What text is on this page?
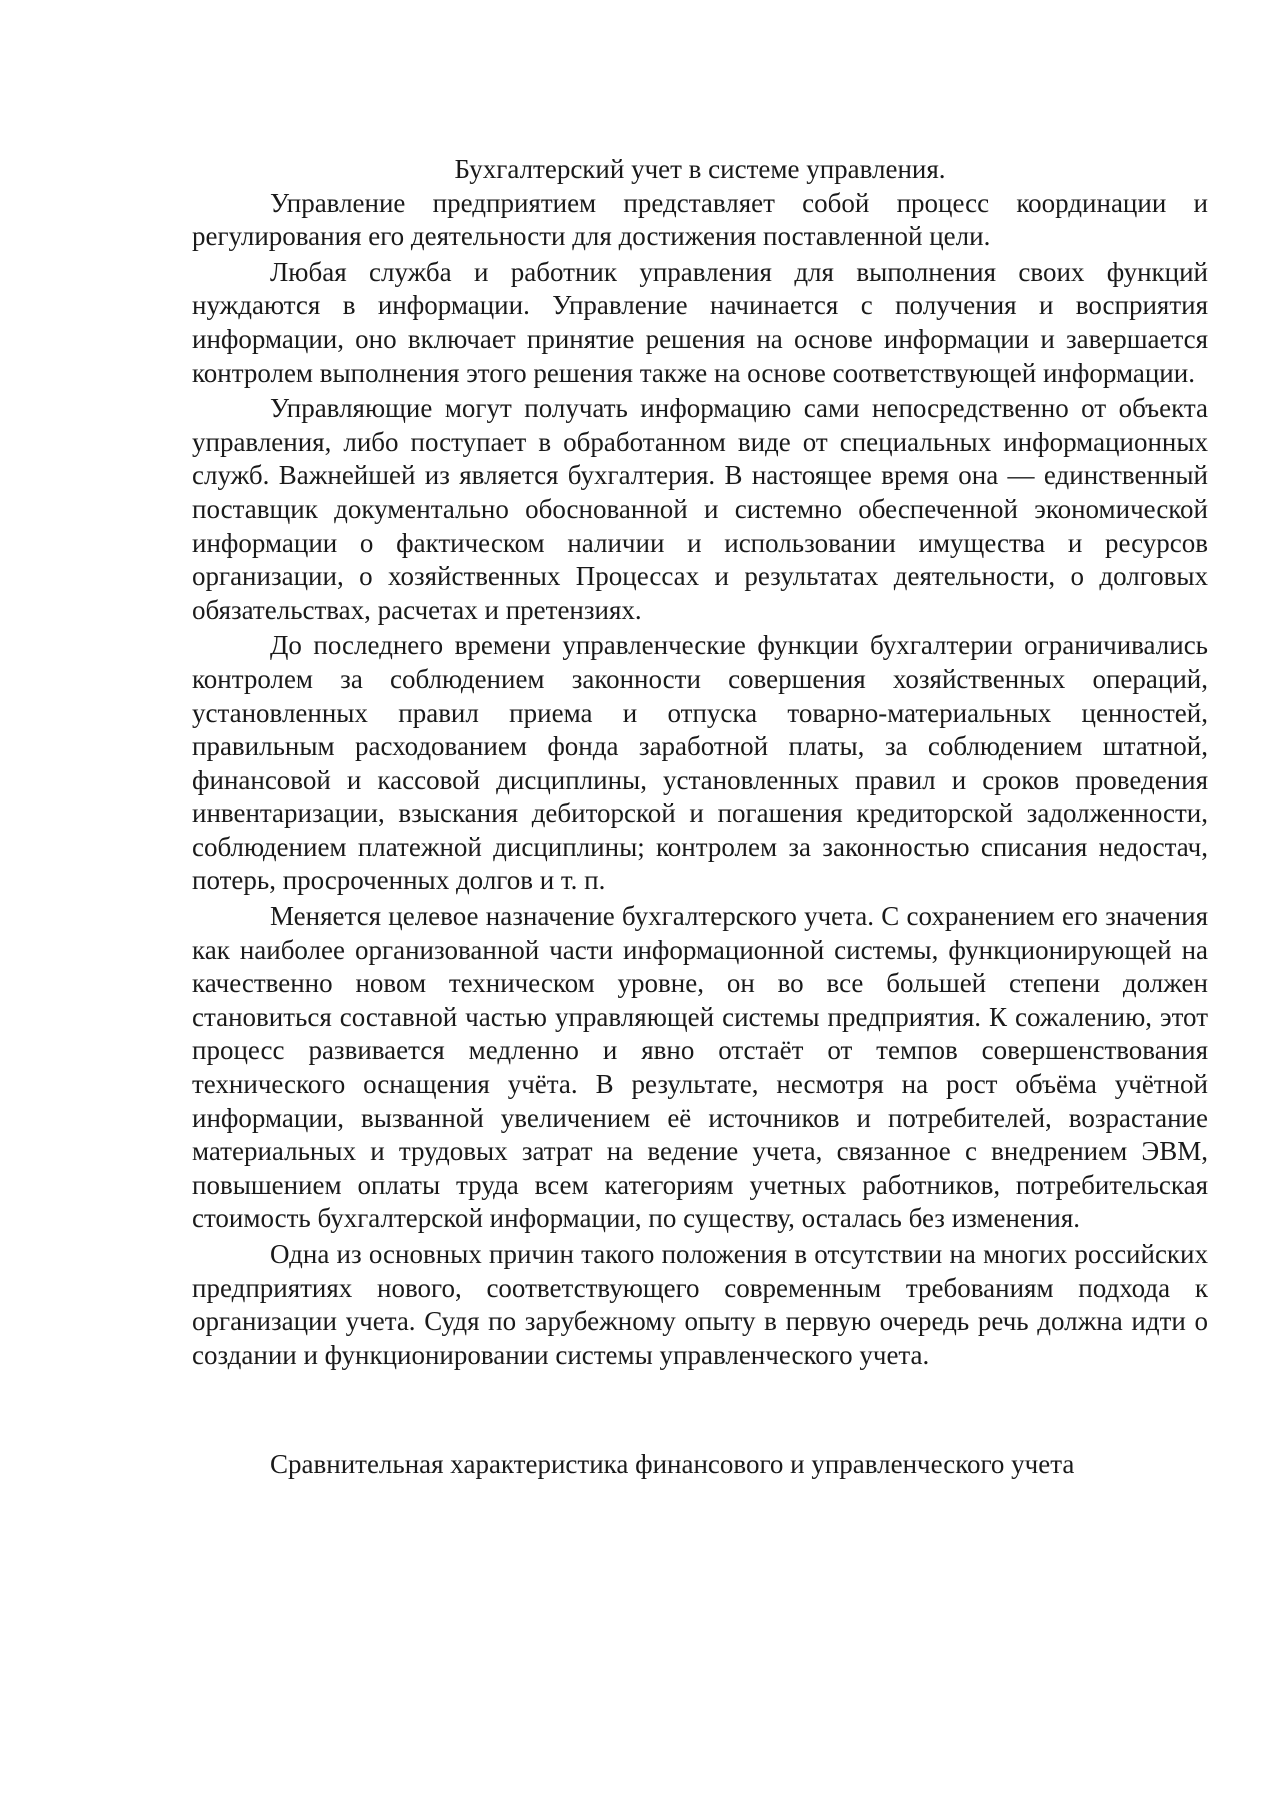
Бухгалтерский учет в системе управления.

Управление предприятием представляет собой процесс координации и регулирования его деятельности для достижения поставленной цели.

Любая служба и работник управления для выполнения своих функций нуждаются в информации. Управление начинается с получения и восприятия информации, оно включает принятие решения на основе информации и завершается контролем выполнения этого решения также на основе соответствующей информации.

Управляющие могут получать информацию сами непосредственно от объекта управления, либо поступает в обработанном виде от специальных информационных служб. Важнейшей из является бухгалтерия. В настоящее время она — единственный поставщик документально обоснованной и системно обеспеченной экономической информации о фактическом наличии и использовании имущества и ресурсов организации, о хозяйственных Процессах и результатах деятельности, о долговых обязательствах, расчетах и претензиях.

До последнего времени управленческие функции бухгалтерии ограничивались контролем за соблюдением законности совершения хозяйственных операций, установленных правил приема и отпуска товарно-материальных ценностей, правильным расходованием фонда заработной платы, за соблюдением штатной, финансовой и кассовой дисциплины, установленных правил и сроков проведения инвентаризации, взыскания дебиторской и погашения кредиторской задолженности, соблюдением платежной дисциплины; контролем за законностью списания недостач, потерь, просроченных долгов и т. п.

Меняется целевое назначение бухгалтерского учета. С сохранением его значения как наиболее организованной части информационной системы, функционирующей на качественно новом техническом уровне, он во все большей степени должен становиться составной частью управляющей системы предприятия. К сожалению, этот процесс развивается медленно и явно отстаёт от темпов совершенствования технического оснащения учёта. В результате, несмотря на рост объёма учётной информации, вызванной увеличением её источников и потребителей, возрастание материальных и трудовых затрат на ведение учета, связанное с внедрением ЭВМ, повышением оплаты труда всем категориям учетных работников, потребительская стоимость бухгалтерской информации, по существу, осталась без изменения.

Одна из основных причин такого положения в отсутствии на многих российских предприятиях нового, соответствующего современным требованиям подхода к организации учета. Судя по зарубежному опыту в первую очередь речь должна идти о создании и функционировании системы управленческого учета.

Сравнительная характеристика финансового и управленческого учета
